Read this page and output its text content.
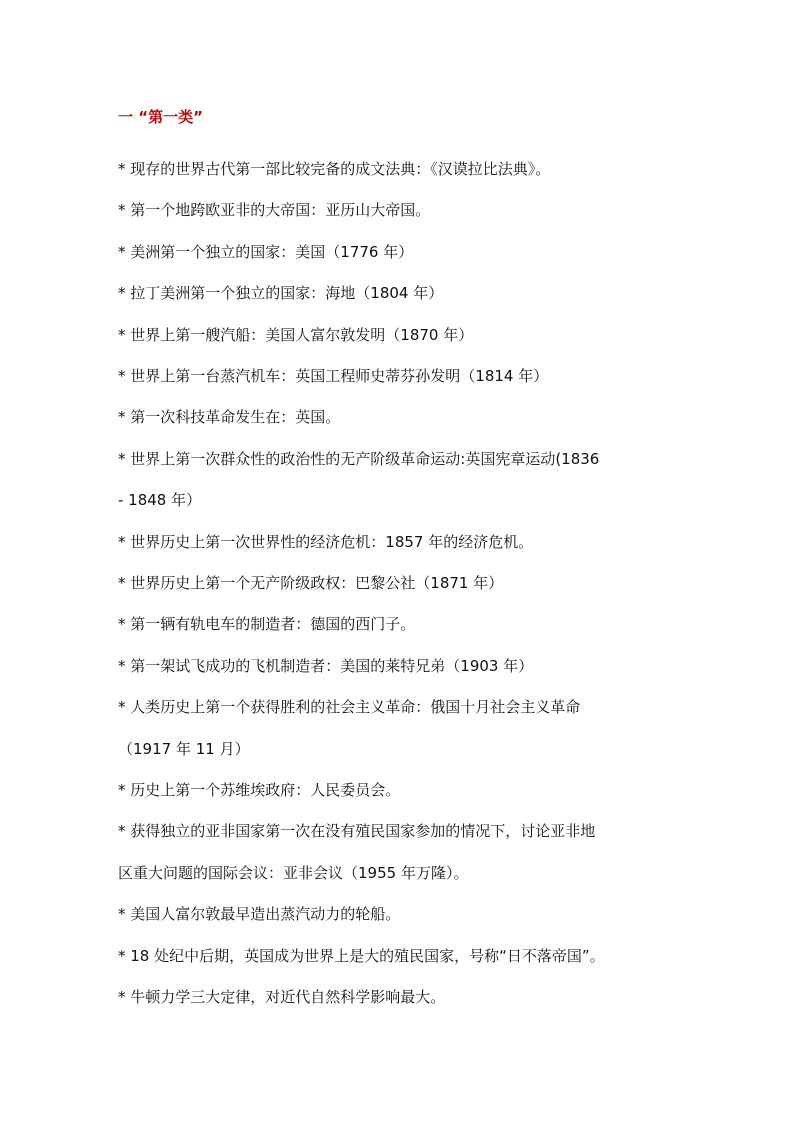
一 “第一类”
* 现存的世界古代第一部比较完备的成文法典：《汉谟拉比法典》。
* 第一个地跨欧亚非的大帝国：亚历山大帝国。
* 美洲第一个独立的国家：美国（1776 年）
* 拉丁美洲第一个独立的国家：海地（1804 年）
* 世界上第一艘汽船：美国人富尔敦发明（1870 年）
* 世界上第一台蒸汽机车：英国工程师史蒂芬孙发明（1814 年）
* 第一次科技革命发生在：英国。
* 世界上第一次群众性的政治性的无产阶级革命运动:英国宪章运动(1836
- 1848 年）
* 世界历史上第一次世界性的经济危机：1857 年的经济危机。
* 世界历史上第一个无产阶级政权：巴黎公社（1871 年）
* 第一辆有轨电车的制造者：德国的西门子。
* 第一架试飞成功的飞机制造者：美国的莱特兄弟（1903 年）
* 人类历史上第一个获得胜利的社会主义革命：俄国十月社会主义革命
（1917 年 11 月）
* 历史上第一个苏维埃政府：人民委员会。
* 获得独立的亚非国家第一次在没有殖民国家参加的情况下，讨论亚非地
区重大问题的国际会议：亚非会议（1955 年万隆）。
* 美国人富尔敦最早造出蒸汽动力的轮船。
* 18 处纪中后期，英国成为世界上是大的殖民国家，号称“日不落帝国”。
* 牛顿力学三大定律，对近代自然科学影响最大。
